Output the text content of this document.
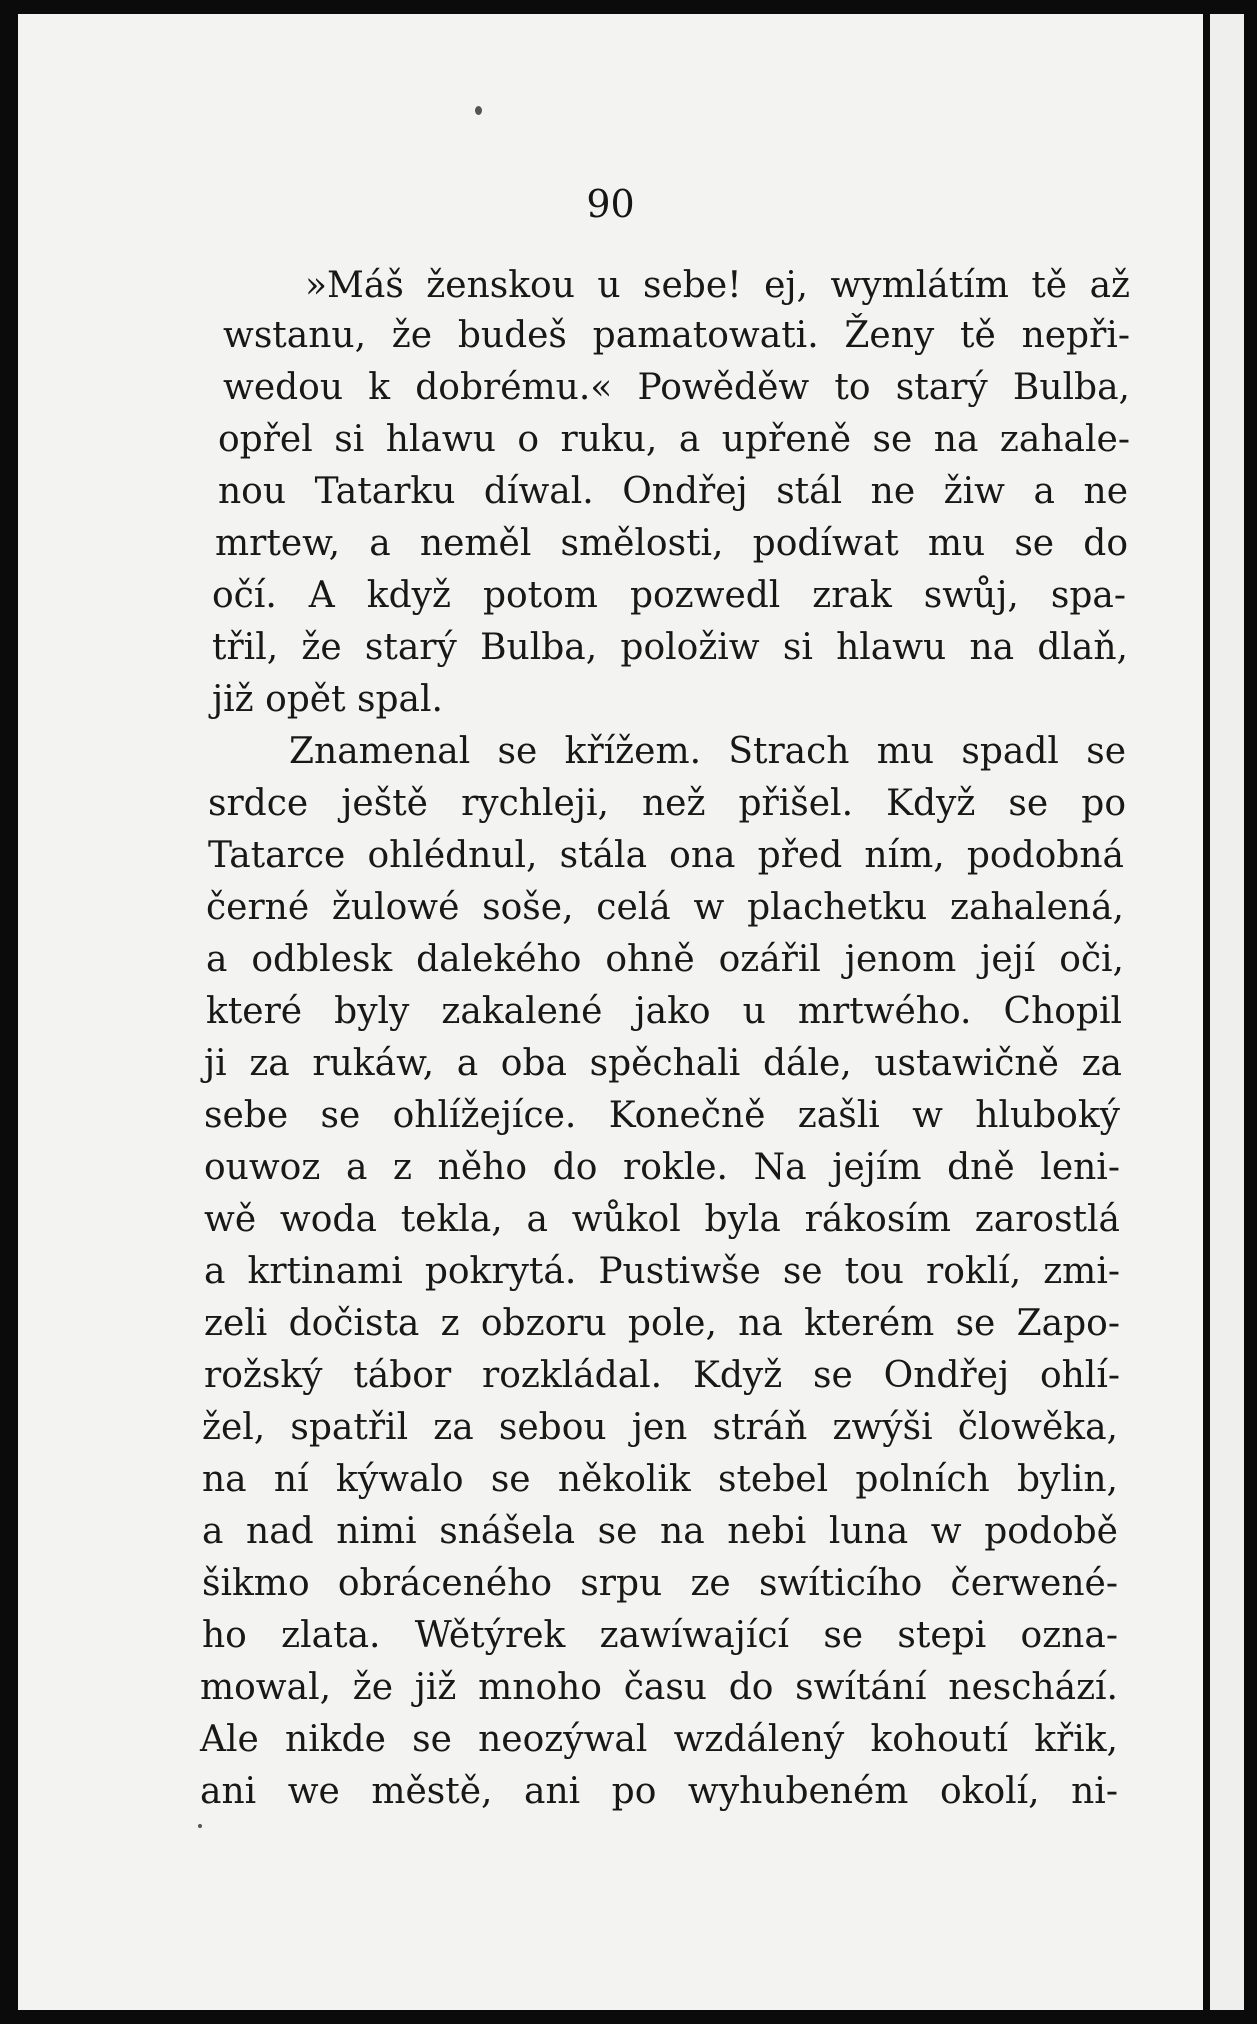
90
»Máš ženskou u sebe! ej, wymlátím tě až
wstanu, že budeš pamatowati. Ženy tě nepři-
wedou k dobrému.« Powěděw to starý Bulba,
opřel si hlawu o ruku, a upřeně se na zahale-
nou Tatarku díwal. Ondřej stál ne žiw a ne
mrtew, a neměl smělosti, podíwat mu se do
očí. A když potom pozwedl zrak swůj, spa-
třil, že starý Bulba, položiw si hlawu na dlaň,
již opět spal.
Znamenal se křížem. Strach mu spadl se
srdce ještě rychleji, než přišel. Když se po
Tatarce ohlédnul, stála ona před ním, podobná
černé žulowé soše, celá w plachetku zahalená,
a odblesk dalekého ohně ozářil jenom její oči,
které byly zakalené jako u mrtwého. Chopil
ji za rukáw, a oba spěchali dále, ustawičně za
sebe se ohlížejíce. Konečně zašli w hluboký
ouwoz a z něho do rokle. Na jejím dně leni-
wě woda tekla, a wůkol byla rákosím zarostlá
a krtinami pokrytá. Pustiwše se tou roklí, zmi-
zeli dočista z obzoru pole, na kterém se Zapo-
rožský tábor rozkládal. Když se Ondřej ohlí-
žel, spatřil za sebou jen stráň zwýši člowěka,
na ní kýwalo se několik stebel polních bylin,
a nad nimi snášela se na nebi luna w podobě
šikmo obráceného srpu ze swíticího čerwené-
ho zlata. Wětýrek zawíwající se stepi ozna-
mowal, že již mnoho času do swítání neschází.
Ale nikde se neozýwal wzdálený kohoutí křik,
ani we městě, ani po wyhubeném okolí, ni-
